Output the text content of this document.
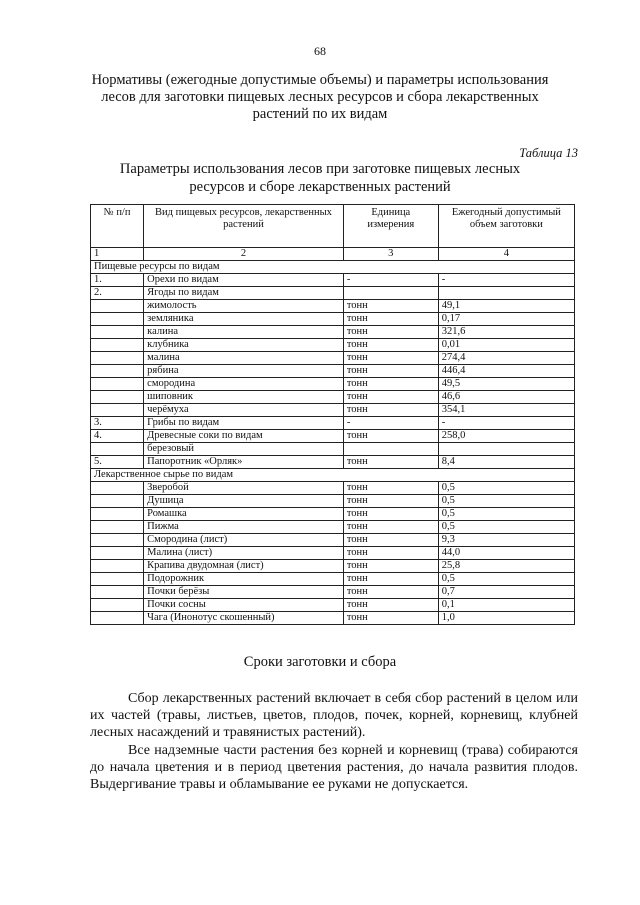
68
Нормативы (ежегодные допустимые объемы) и параметры использования лесов для заготовки пищевых лесных ресурсов и сбора лекарственных растений по их видам
Таблица 13
Параметры использования лесов при заготовке пищевых лесных ресурсов и сборе лекарственных растений
№ п/п	Вид пищевых ресурсов, лекарственных растений	Единица измерения	Ежегодный допустимый объем заготовки
1	2	3	4
Пищевые ресурсы по видам			
1.	Орехи по видам	-	-
2.	Ягоды по видам		
	жимолость	тонн	49,1
	земляника	тонн	0,17
	калина	тонн	321,6
	клубника	тонн	0,01
	малина	тонн	274,4
	рябина	тонн	446,4
	смородина	тонн	49,5
	шиповник	тонн	46,6
	черёмуха	тонн	354,1
3.	Грибы по видам	-	-
4.	Древесные соки по видам	тонн	258,0
	березовый		
5.	Папоротник «Орляк»	тонн	8,4
Лекарственное сырье по видам			
	Зверобой	тонн	0,5
	Душица	тонн	0,5
	Ромашка	тонн	0,5
	Пижма	тонн	0,5
	Смородина (лист)	тонн	9,3
	Малина (лист)	тонн	44,0
	Крапива двудомная (лист)	тонн	25,8
	Подорожник	тонн	0,5
	Почки берёзы	тонн	0,7
	Почки сосны	тонн	0,1
	Чага (Инонотус скошенный)	тонн	1,0
Сроки заготовки и сбора
Сбор лекарственных растений включает в себя сбор растений в целом или их частей (травы, листьев, цветов, плодов, почек, корней, корневищ, клубней лесных насаждений и травянистых растений).
Все надземные части растения без корней и корневищ (трава) собираются до начала цветения и в период цветения растения, до начала развития плодов. Выдергивание травы и обламывание ее руками не допускается.
